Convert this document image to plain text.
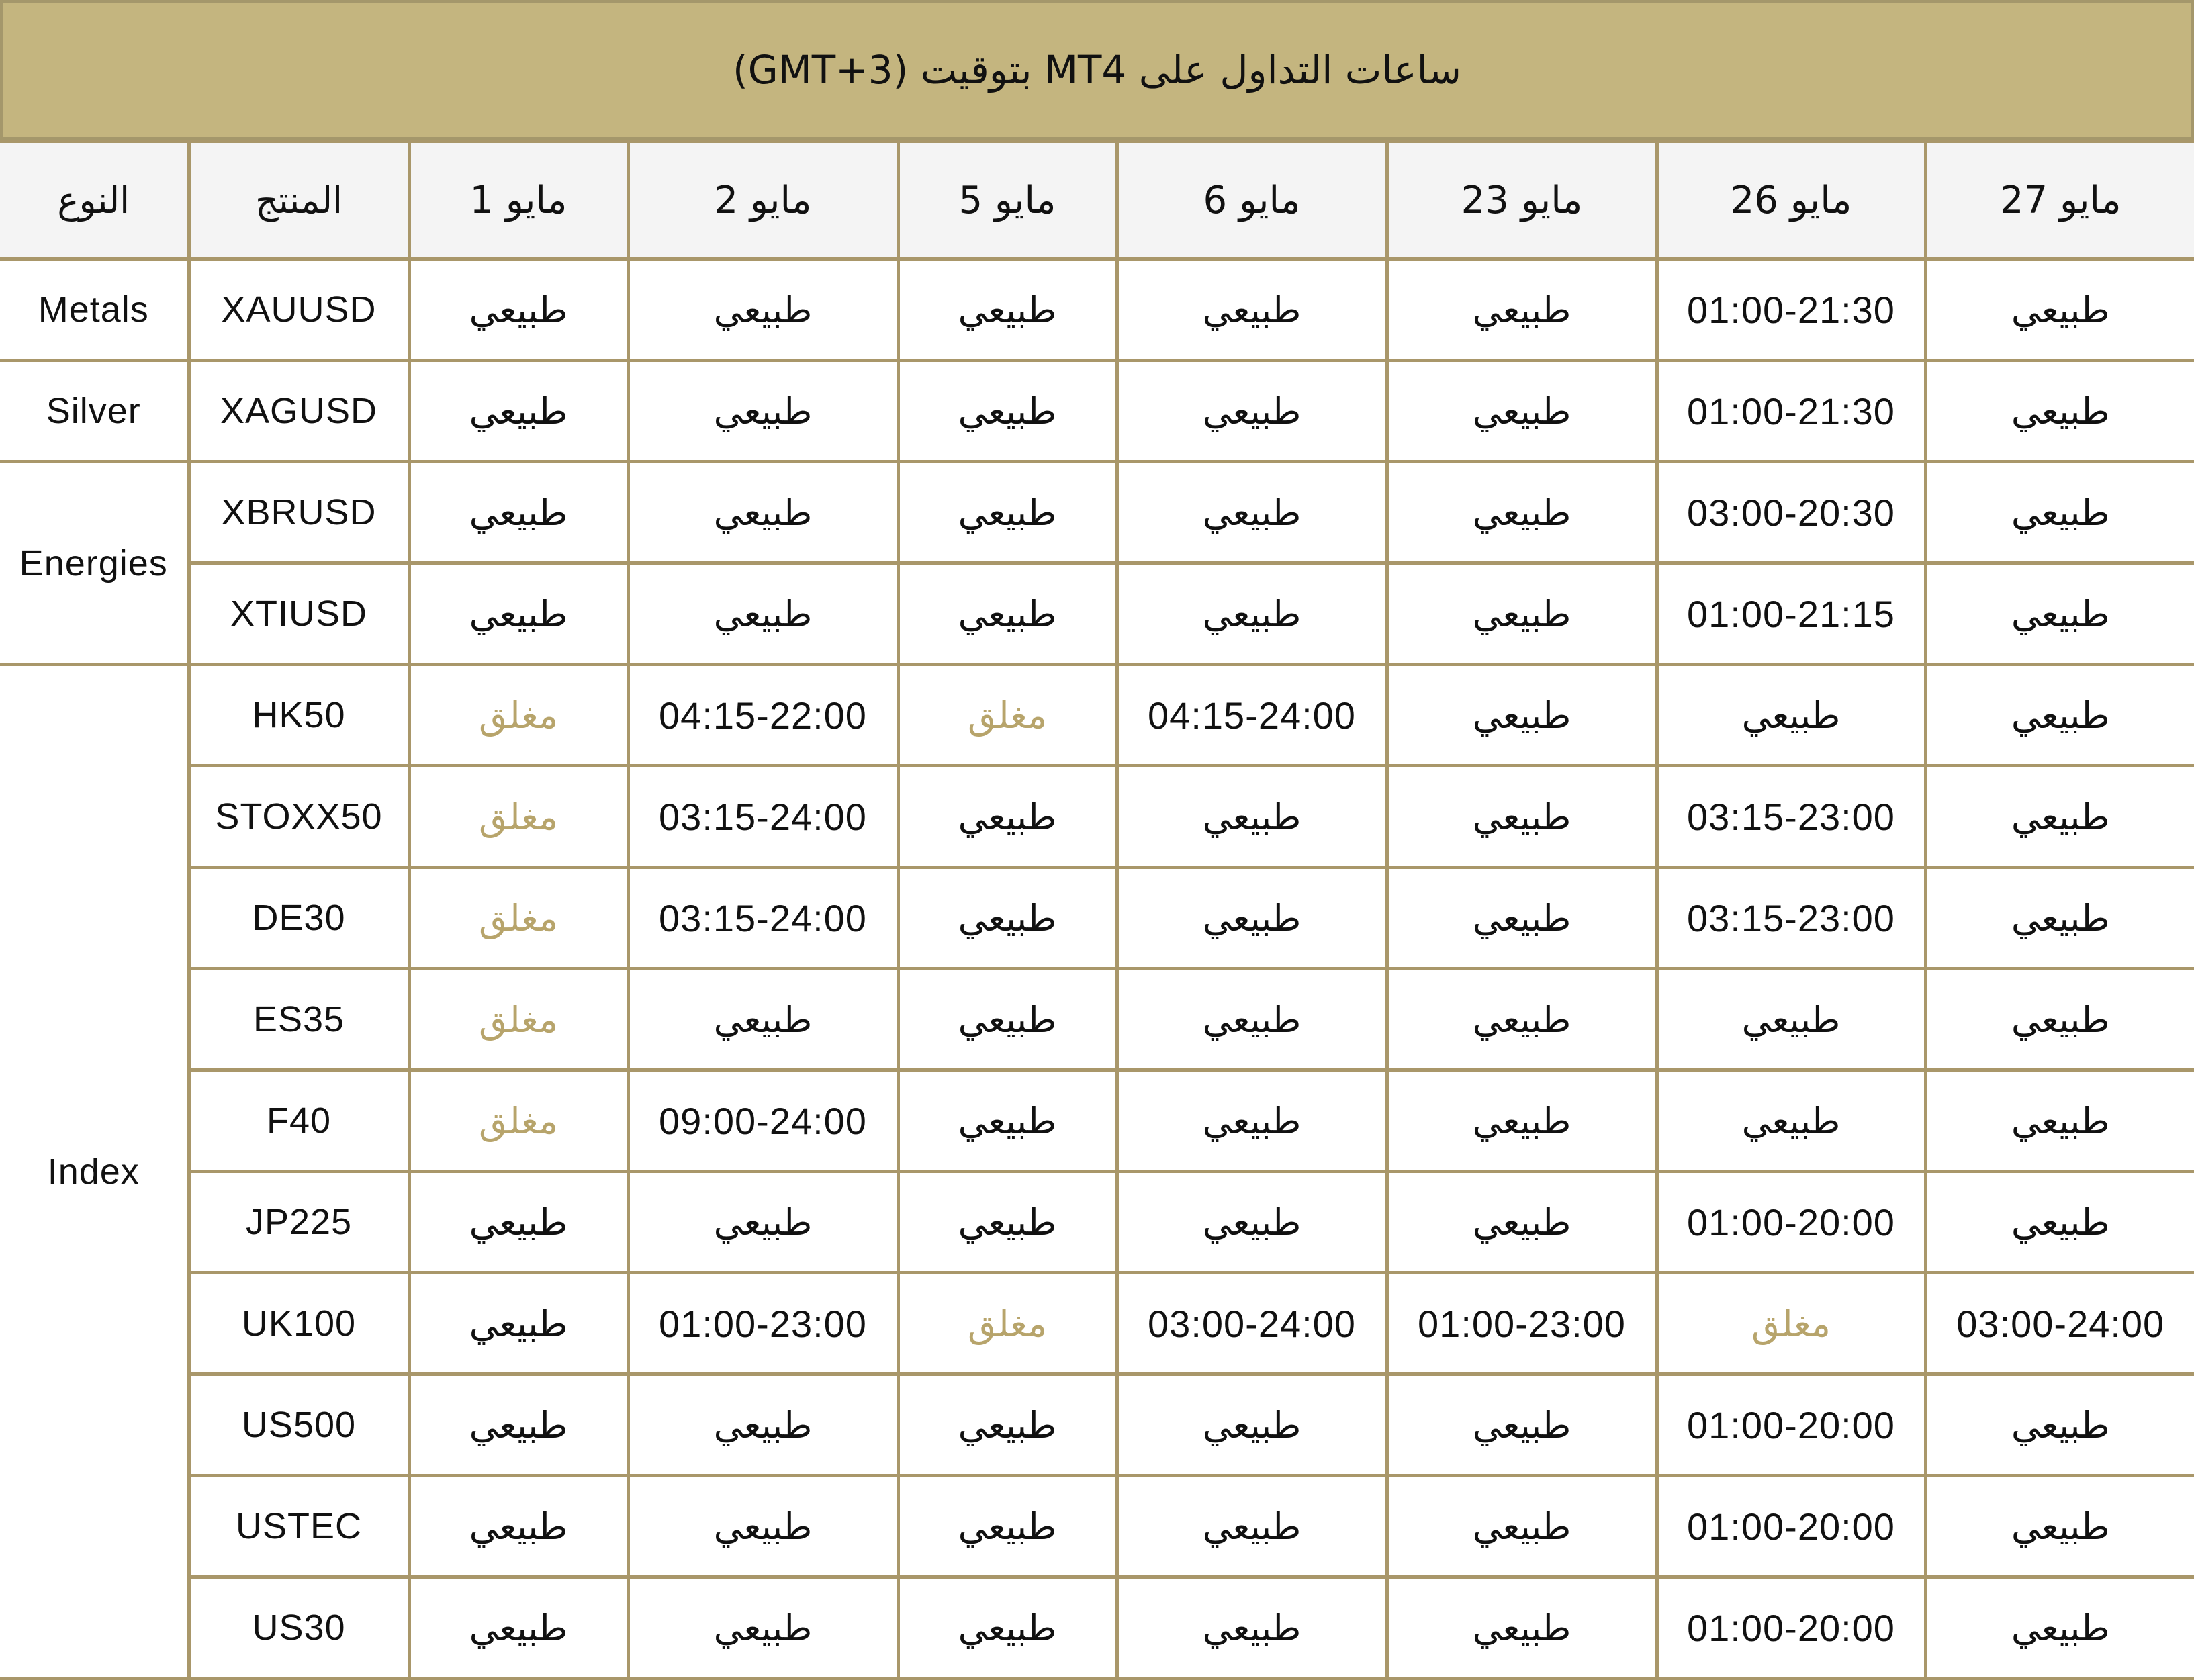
ساعات التداول على MT4 بتوقيت (GMT+3)
النوع	المنتج	مايو 1	مايو 2	مايو 5	مايو 6	مايو 23	مايو 26	مايو 27
Metals	XAUUSD	طبيعي	طبيعي	طبيعي	طبيعي	طبيعي	01:00-21:30	طبيعي
Silver	XAGUSD	طبيعي	طبيعي	طبيعي	طبيعي	طبيعي	01:00-21:30	طبيعي
Energies	XBRUSD	طبيعي	طبيعي	طبيعي	طبيعي	طبيعي	03:00-20:30	طبيعي
	XTIUSD	طبيعي	طبيعي	طبيعي	طبيعي	طبيعي	01:00-21:15	طبيعي
Index	HK50	مغلق	04:15-22:00	مغلق	04:15-24:00	طبيعي	طبيعي	طبيعي
	STOXX50	مغلق	03:15-24:00	طبيعي	طبيعي	طبيعي	03:15-23:00	طبيعي
	DE30	مغلق	03:15-24:00	طبيعي	طبيعي	طبيعي	03:15-23:00	طبيعي
	ES35	مغلق	طبيعي	طبيعي	طبيعي	طبيعي	طبيعي	طبيعي
	F40	مغلق	09:00-24:00	طبيعي	طبيعي	طبيعي	طبيعي	طبيعي
	JP225	طبيعي	طبيعي	طبيعي	طبيعي	طبيعي	01:00-20:00	طبيعي
	UK100	طبيعي	01:00-23:00	مغلق	03:00-24:00	01:00-23:00	مغلق	03:00-24:00
	US500	طبيعي	طبيعي	طبيعي	طبيعي	طبيعي	01:00-20:00	طبيعي
	USTEC	طبيعي	طبيعي	طبيعي	طبيعي	طبيعي	01:00-20:00	طبيعي
	US30	طبيعي	طبيعي	طبيعي	طبيعي	طبيعي	01:00-20:00	طبيعي
